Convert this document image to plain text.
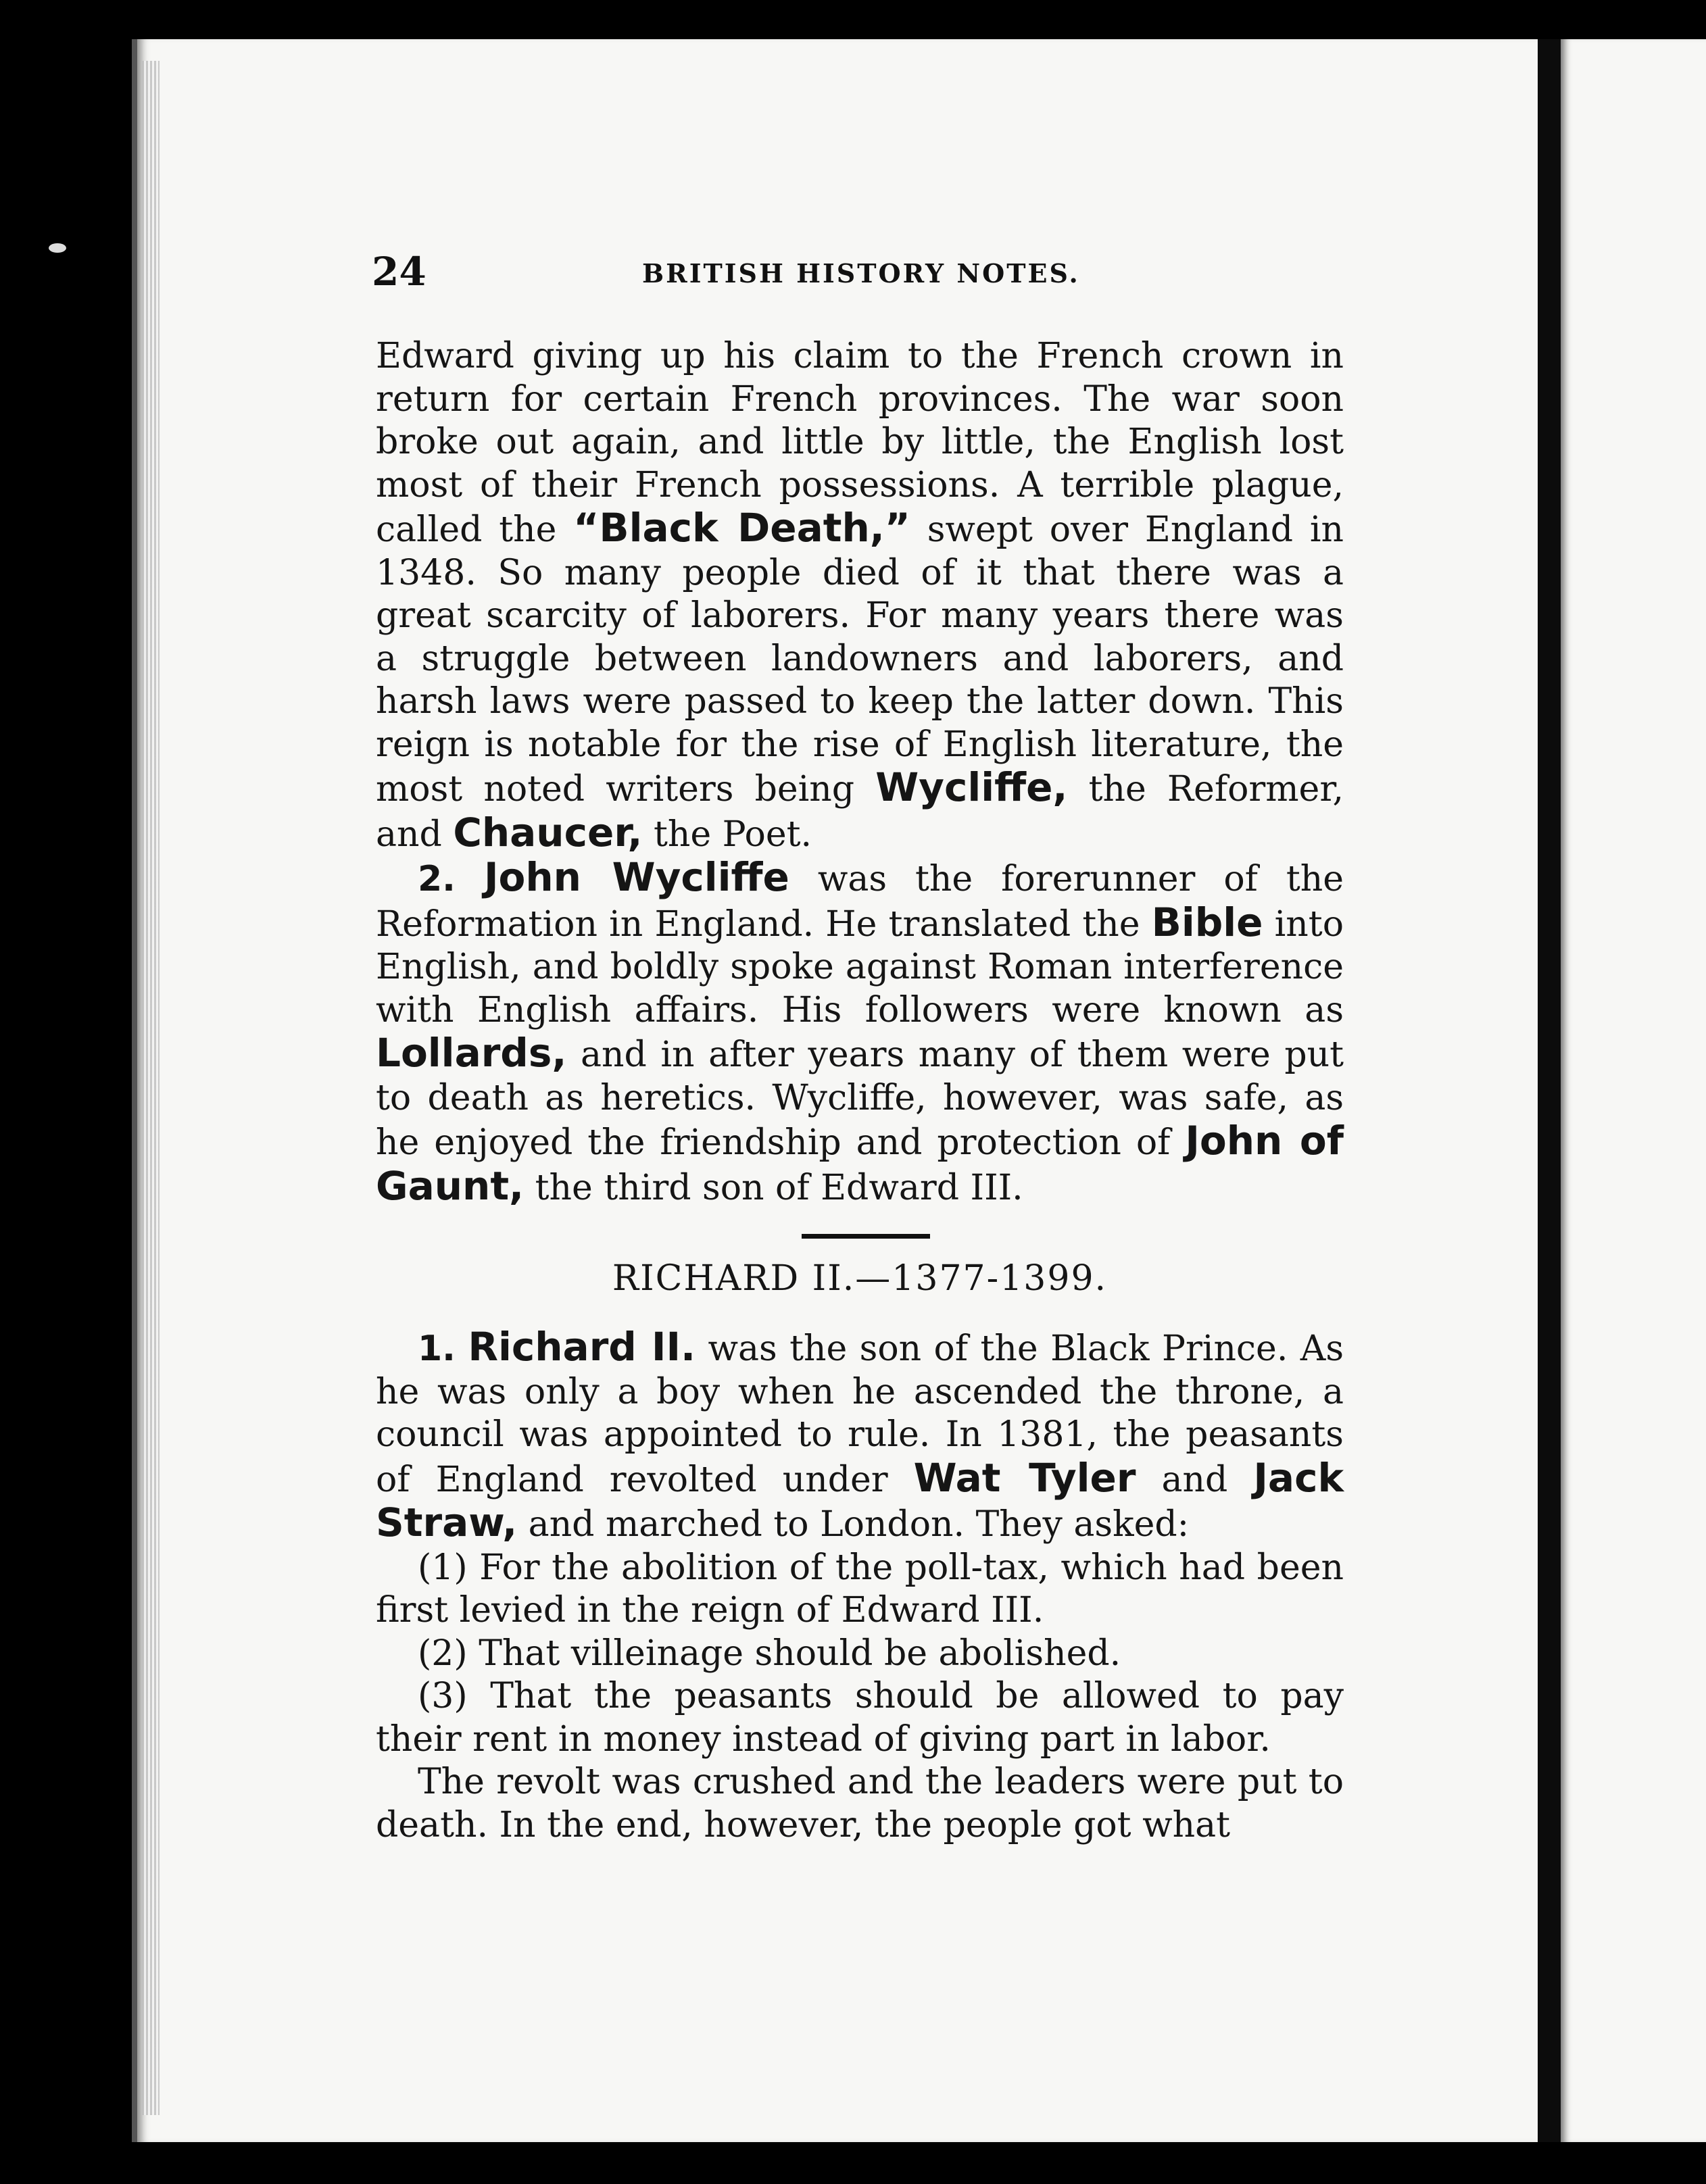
24	BRITISH HISTORY NOTES.

Edward giving up his claim to the French crown in return for certain French provinces. The war soon broke out again, and little by little, the English lost most of their French possessions. A terrible plague, called the “Black Death,” swept over England in 1348. So many people died of it that there was a great scarcity of laborers. For many years there was a struggle between landowners and laborers, and harsh laws were passed to keep the latter down. This reign is notable for the rise of English literature, the most noted writers being Wycliffe, the Reformer, and Chaucer, the Poet.

2. John Wycliffe was the forerunner of the Reformation in England. He translated the Bible into English, and boldly spoke against Roman interference with English affairs. His followers were known as Lollards, and in after years many of them were put to death as heretics. Wycliffe, however, was safe, as he enjoyed the friendship and protection of John of Gaunt, the third son of Edward III.

RICHARD II.—1377-1399.

1. Richard II. was the son of the Black Prince. As he was only a boy when he ascended the throne, a council was appointed to rule. In 1381, the peasants of England revolted under Wat Tyler and Jack Straw, and marched to London. They asked:

(1) For the abolition of the poll-tax, which had been first levied in the reign of Edward III.

(2) That villeinage should be abolished.

(3) That the peasants should be allowed to pay their rent in money instead of giving part in labor.

The revolt was crushed and the leaders were put to death. In the end, however, the people got what
